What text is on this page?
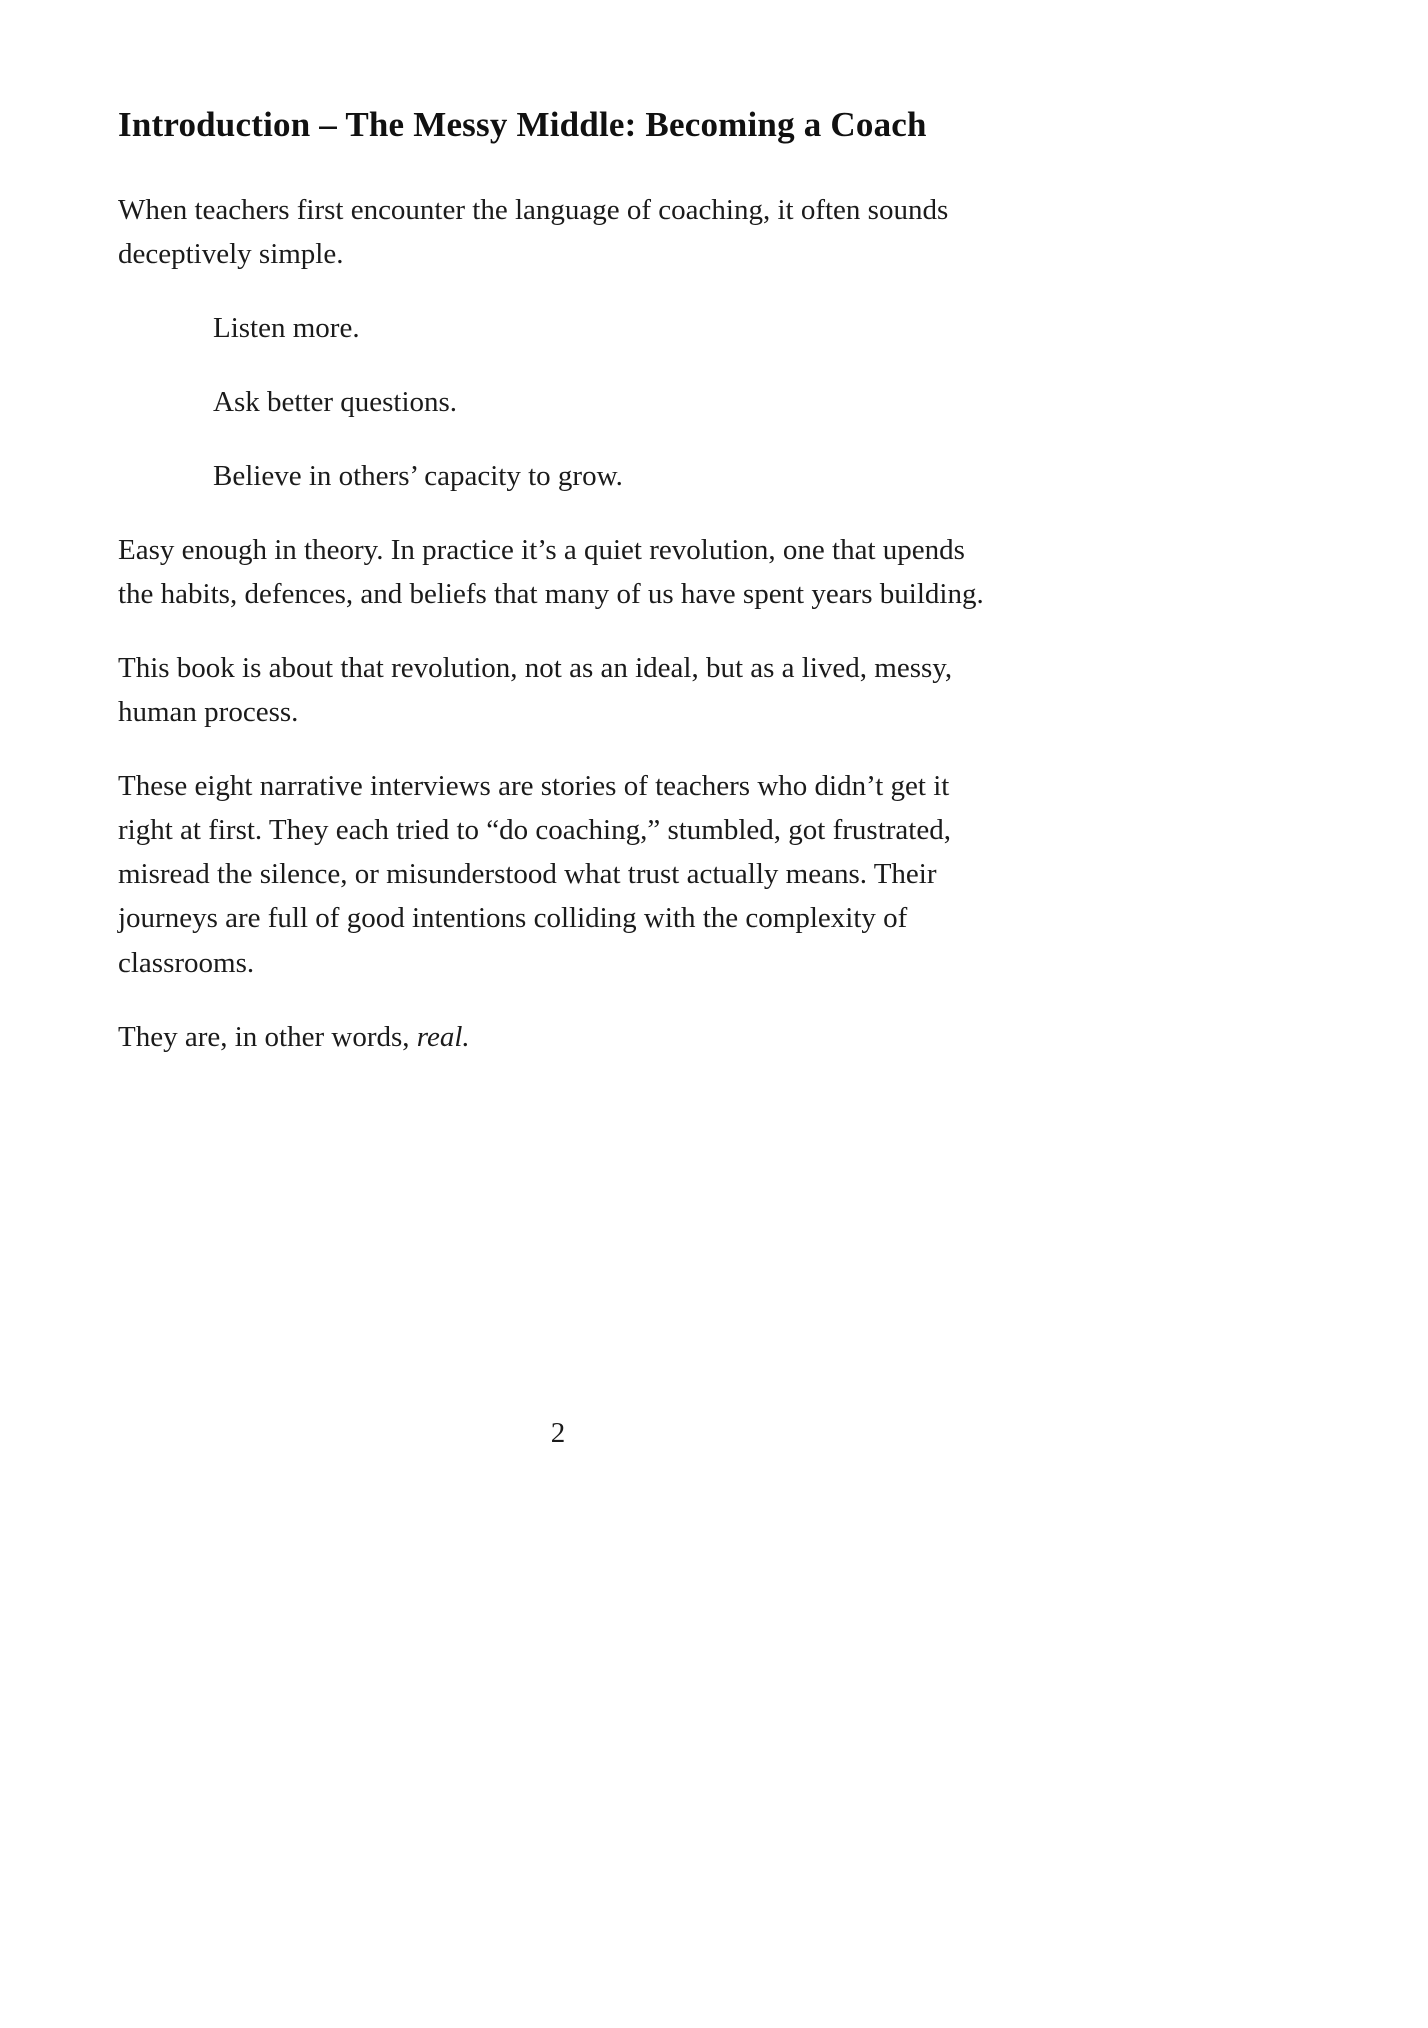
Introduction – The Messy Middle: Becoming a Coach

When teachers first encounter the language of coaching, it often sounds deceptively simple.

Listen more.

Ask better questions.

Believe in others’ capacity to grow.

Easy enough in theory. In practice it’s a quiet revolution, one that upends the habits, defences, and beliefs that many of us have spent years building.

This book is about that revolution, not as an ideal, but as a lived, messy, human process.

These eight narrative interviews are stories of teachers who didn’t get it right at first. They each tried to “do coaching,” stumbled, got frustrated, misread the silence, or misunderstood what trust actually means. Their journeys are full of good intentions colliding with the complexity of classrooms.

They are, in other words, real.

2
